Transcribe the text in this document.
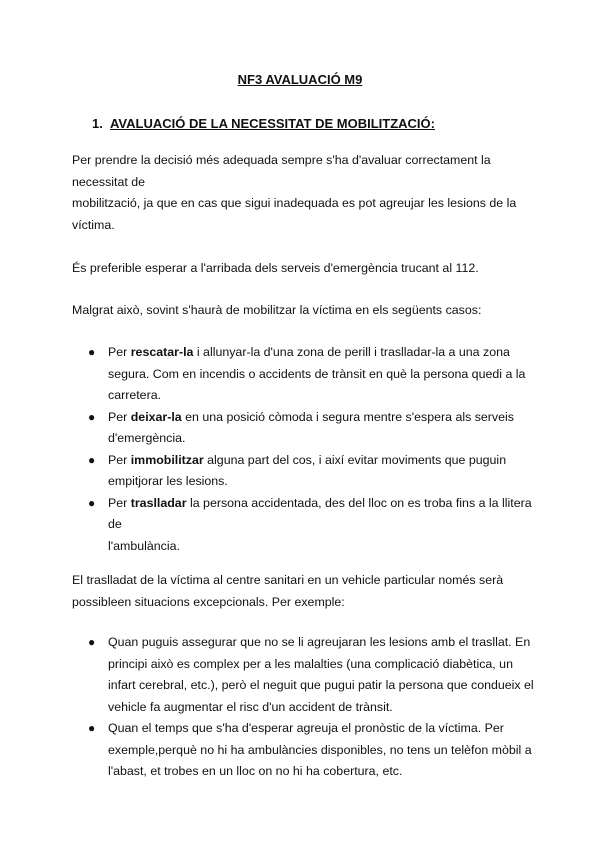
NF3 AVALUACIÓ M9
1. AVALUACIÓ DE LA NECESSITAT DE MOBILITZACIÓ:
Per prendre la decisió més adequada sempre s'ha d'avaluar correctament la
necessitat de
mobilització, ja que en cas que sigui inadequada es pot agreujar les lesions de la
víctima.
És preferible esperar a l'arribada dels serveis d'emergència trucant al 112.
Malgrat això, sovint s'haurà de mobilitzar la víctima en els següents casos:
● Per rescatar-la i allunyar-la d'una zona de perill i traslladar-la a una zona
segura. Com en incendis o accidents de trànsit en què la persona quedi a la
carretera.
● Per deixar-la en una posició còmoda i segura mentre s'espera als serveis
d'emergència.
● Per immobilitzar alguna part del cos, i així evitar moviments que puguin
empitjorar les lesions.
● Per traslladar la persona accidentada, des del lloc on es troba fins a la llitera
de
l'ambulància.
El traslladat de la víctima al centre sanitari en un vehicle particular només serà
possibleen situacions excepcionals. Per exemple:
● Quan puguis assegurar que no se li agreujaran les lesions amb el trasllat. En
principi això es complex per a les malalties (una complicació diabètica, un
infart cerebral, etc.), però el neguit que pugui patir la persona que condueix el
vehicle fa augmentar el risc d'un accident de trànsit.
● Quan el temps que s'ha d'esperar agreuja el pronòstic de la víctima. Per
exemple,perquè no hi ha ambulàncies disponibles, no tens un telèfon mòbil a
l'abast, et trobes en un lloc on no hi ha cobertura, etc.
